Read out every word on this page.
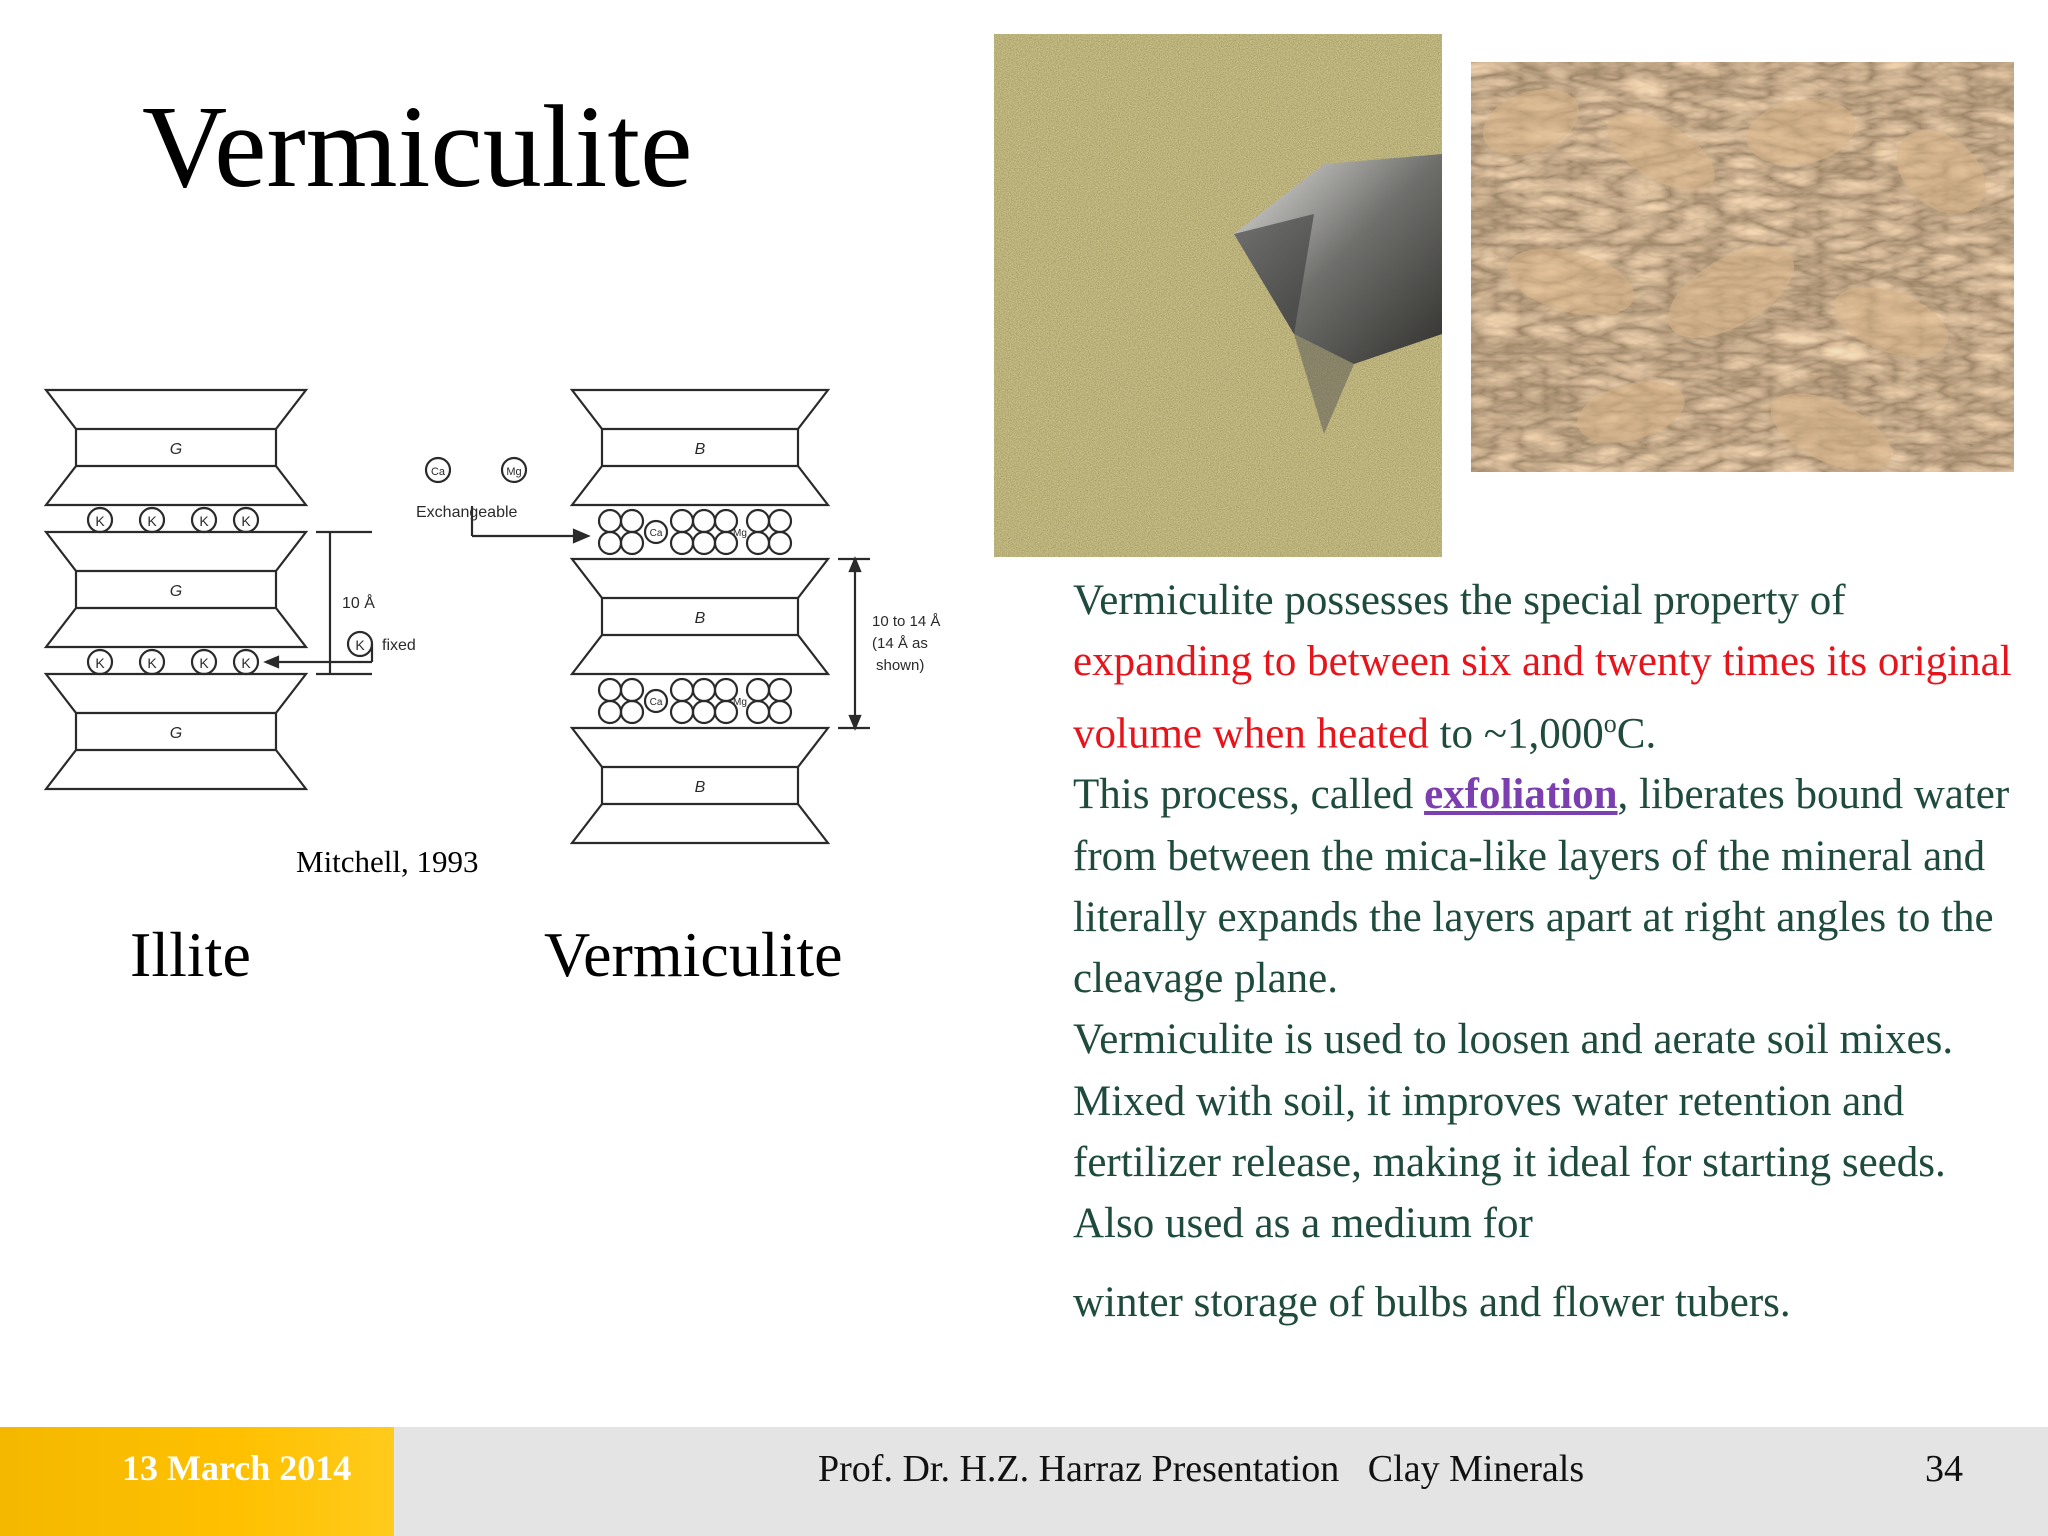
Vermiculite
G
G
G
B
B
B
K	K	K K
K	K	K K
K
10 Å
fixed
Ca	Mg
Exchangeable
Ca	Mg
Ca	Mg
10 to 14 Å
(14 Å as
shown)
Mitchell, 1993
Illite	Vermiculite

Vermiculite possesses the special property of expanding to between six and twenty times its original volume when heated to ~1,000$^o$C.

This process, called exfoliation, liberates bound water from between the mica-like layers of the mineral and literally expands the layers apart at right angles to the cleavage plane.

Vermiculite is used to loosen and aerate soil mixes. Mixed with soil, it improves water retention and fertilizer release, making it ideal for starting seeds. Also used as a medium for

winter storage of bulbs and flower tubers.

13 March 2014	Prof. Dr. H.Z. Harraz Presentation   Clay Minerals	34
